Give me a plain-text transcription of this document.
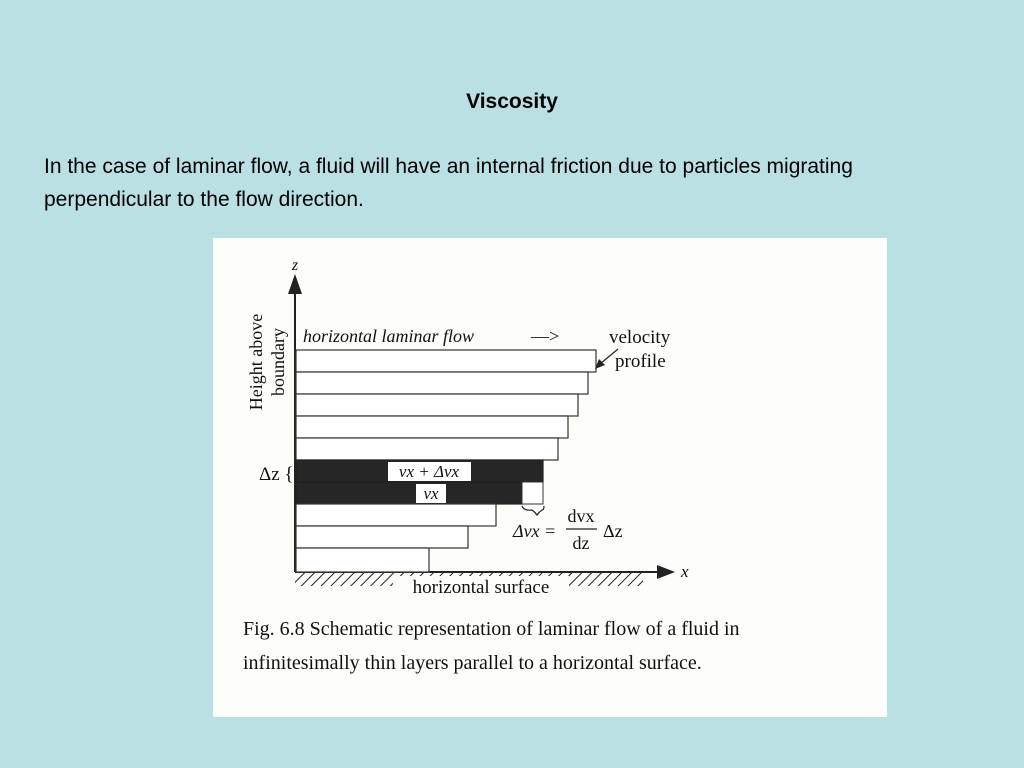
Viscosity
In the case of laminar flow, a fluid will have an internal friction due to particles migrating perpendicular to the flow direction.
vx + Δvx
vx
z
x
Height above boundary horizontal laminar flow	—>	velocity
profile
Δz {
Δvx =
dvx
dz
Δz
horizontal surface
Fig. 6.8 Schematic representation of laminar flow of a fluid in
infinitesimally thin layers parallel to a horizontal surface.
